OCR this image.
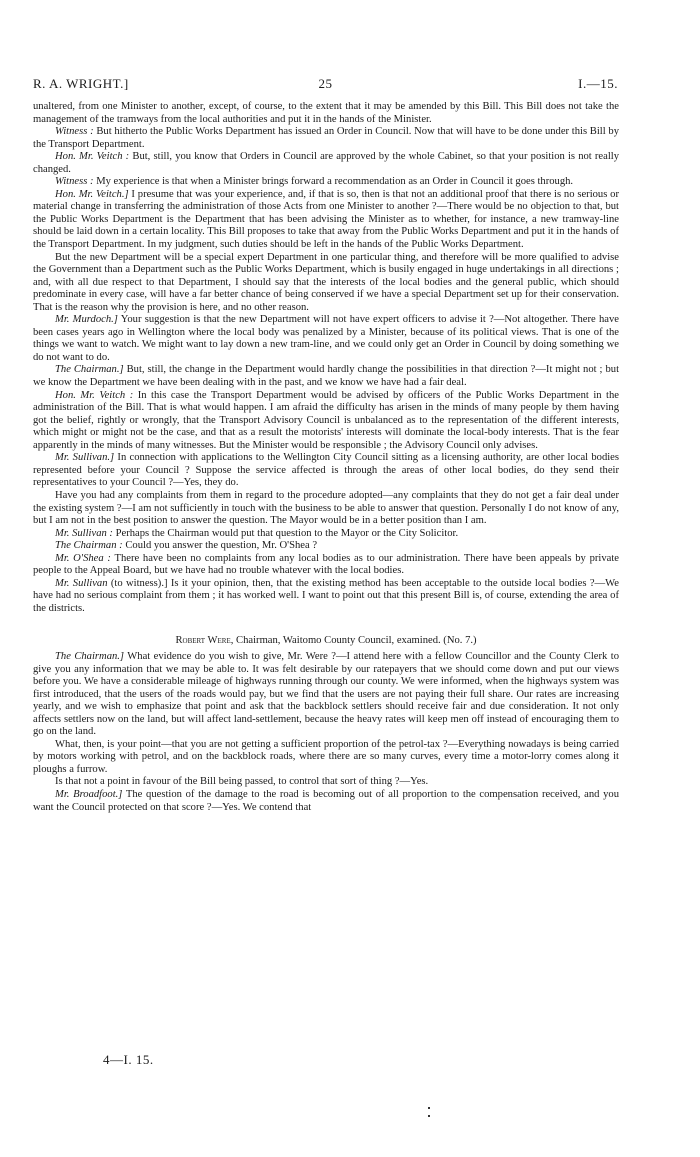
R. A. WRIGHT.]	25	I.—15.

unaltered, from one Minister to another, except, of course, to the extent that it may be amended by this Bill. This Bill does not take the management of the tramways from the local authorities and put it in the hands of the Minister.

Witness : But hitherto the Public Works Department has issued an Order in Council. Now that will have to be done under this Bill by the Transport Department.

Hon. Mr. Veitch : But, still, you know that Orders in Council are approved by the whole Cabinet, so that your position is not really changed.

Witness : My experience is that when a Minister brings forward a recommendation as an Order in Council it goes through.

Hon. Mr. Veitch.] I presume that was your experience, and, if that is so, then is that not an additional proof that there is no serious or material change in transferring the administration of those Acts from one Minister to another ?—There would be no objection to that, but the Public Works Department is the Department that has been advising the Minister as to whether, for instance, a new tramway-line should be laid down in a certain locality. This Bill proposes to take that away from the Public Works Department and put it in the hands of the Transport Department. In my judgment, such duties should be left in the hands of the Public Works Department.

But the new Department will be a special expert Department in one particular thing, and therefore will be more qualified to advise the Government than a Department such as the Public Works Department, which is busily engaged in huge undertakings in all directions ; and, with all due respect to that Department, I should say that the interests of the local bodies and the general public, which should predominate in every case, will have a far better chance of being conserved if we have a special Department set up for their conservation. That is the reason why the provision is here, and no other reason.

Mr. Murdoch.] Your suggestion is that the new Department will not have expert officers to advise it ?—Not altogether. There have been cases years ago in Wellington where the local body was penalized by a Minister, because of its political views. That is one of the things we want to watch. We might want to lay down a new tram-line, and we could only get an Order in Council by doing something we do not want to do.

The Chairman.] But, still, the change in the Department would hardly change the possibilities in that direction ?—It might not ; but we know the Department we have been dealing with in the past, and we know we have had a fair deal.

Hon. Mr. Veitch : In this case the Transport Department would be advised by officers of the Public Works Department in the administration of the Bill. That is what would happen. I am afraid the difficulty has arisen in the minds of many people by them having got the belief, rightly or wrongly, that the Transport Advisory Council is unbalanced as to the representation of the different interests, which might or might not be the case, and that as a result the motorists' interests will dominate the local-body interests. That is the fear apparently in the minds of many witnesses. But the Minister would be responsible ; the Advisory Council only advises.

Mr. Sullivan.] In connection with applications to the Wellington City Council sitting as a licensing authority, are other local bodies represented before your Council ? Suppose the service affected is through the areas of other local bodies, do they send their representatives to your Council ?—Yes, they do.

Have you had any complaints from them in regard to the procedure adopted—any complaints that they do not get a fair deal under the existing system ?—I am not sufficiently in touch with the business to be able to answer that question. Personally I do not know of any, but I am not in the best position to answer the question. The Mayor would be in a better position than I am.

Mr. Sullivan : Perhaps the Chairman would put that question to the Mayor or the City Solicitor.

The Chairman : Could you answer the question, Mr. O'Shea ?

Mr. O'Shea : There have been no complaints from any local bodies as to our administration. There have been appeals by private people to the Appeal Board, but we have had no trouble whatever with the local bodies.

Mr. Sullivan (to witness).] Is it your opinion, then, that the existing method has been acceptable to the outside local bodies ?—We have had no serious complaint from them ; it has worked well. I want to point out that this present Bill is, of course, extending the area of the districts.

Robert Were, Chairman, Waitomo County Council, examined. (No. 7.)

The Chairman.] What evidence do you wish to give, Mr. Were ?—I attend here with a fellow Councillor and the County Clerk to give you any information that we may be able to. It was felt desirable by our ratepayers that we should come down and put our views before you. We have a considerable mileage of highways running through our county. We were informed, when the highways system was first introduced, that the users of the roads would pay, but we find that the users are not paying their full share. Our rates are increasing yearly, and we wish to emphasize that point and ask that the backblock settlers should receive fair and due consideration. It not only affects settlers now on the land, but will affect land-settlement, because the heavy rates will keep men off instead of encouraging them to go on the land.

What, then, is your point—that you are not getting a sufficient proportion of the petrol-tax ?—Everything nowadays is being carried by motors working with petrol, and on the backblock roads, where there are so many curves, every time a motor-lorry comes along it ploughs a furrow.

Is that not a point in favour of the Bill being passed, to control that sort of thing ?—Yes.

Mr. Broadfoot.] The question of the damage to the road is becoming out of all proportion to the compensation received, and you want the Council protected on that score ?—Yes. We contend that

4—I. 15.
